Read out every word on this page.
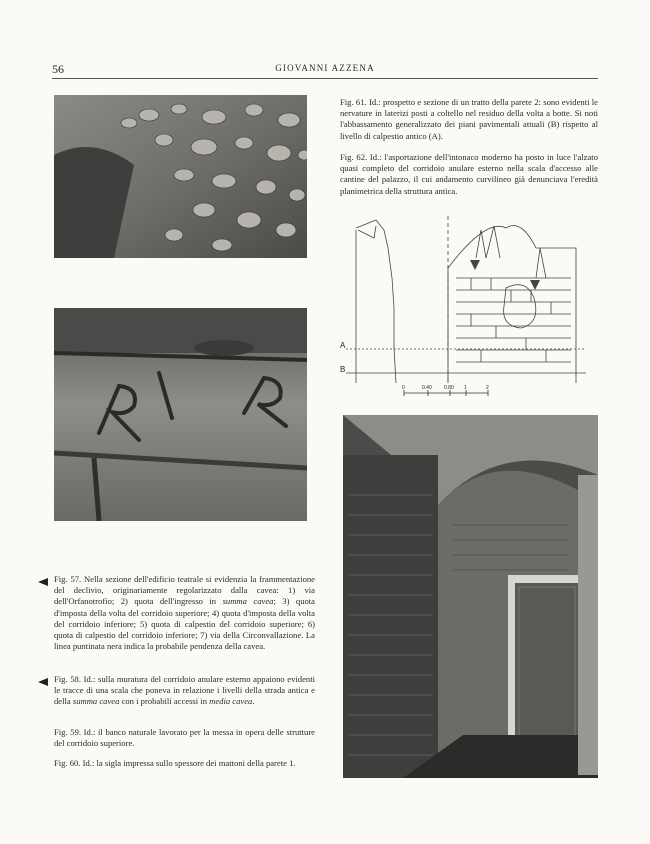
56	GIOVANNI AZZENA

Fig. 61. Id.: prospetto e sezione di un tratto della parete 2: sono evidenti le nervature in laterizi posti a coltello nel residuo della volta a botte. Si noti l'abbassamento generalizzato dei piani pavimentali attuali (B) rispetto al livello di calpestio antico (A).

Fig. 62. Id.: l'asportazione dell'intonaco moderno ha posto in luce l'alzato quasi completo del corridoio anulare esterno nella scala d'accesso alle cantine del palazzo, il cui andamento curvilineo già denunciava l'eredità planimetrica della struttura antica.

A
B
0	0.40 0.80 1	2

Fig. 57. Nella sezione dell'edificio teatrale si evidenzia la frammentazione del declivio, originariamente regolarizzato dalla cavea: 1) via dell'Orfanotrofio; 2) quota dell'ingresso in summa cavea; 3) quota d'imposta della volta del corridoio superiore; 4) quota d'imposta della volta del corridoio inferiore; 5) quota di calpestio del corridoio superiore; 6) quota di calpestio del corridoio inferiore; 7) via della Circonvallazione. La linea puntinata nera indica la probabile pendenza della cavea.

Fig. 58. Id.: sulla muratura del corridoio anulare esterno appaiono evidenti le tracce di una scala che poneva in relazione i livelli della strada antica e della summa cavea con i probabili accessi in media cavea.

Fig. 59. Id.: il banco naturale lavorato per la messa in opera delle strutture del corridoio superiore.

Fig. 60. Id.: la sigla impressa sullo spessore dei mattoni della parete 1.
